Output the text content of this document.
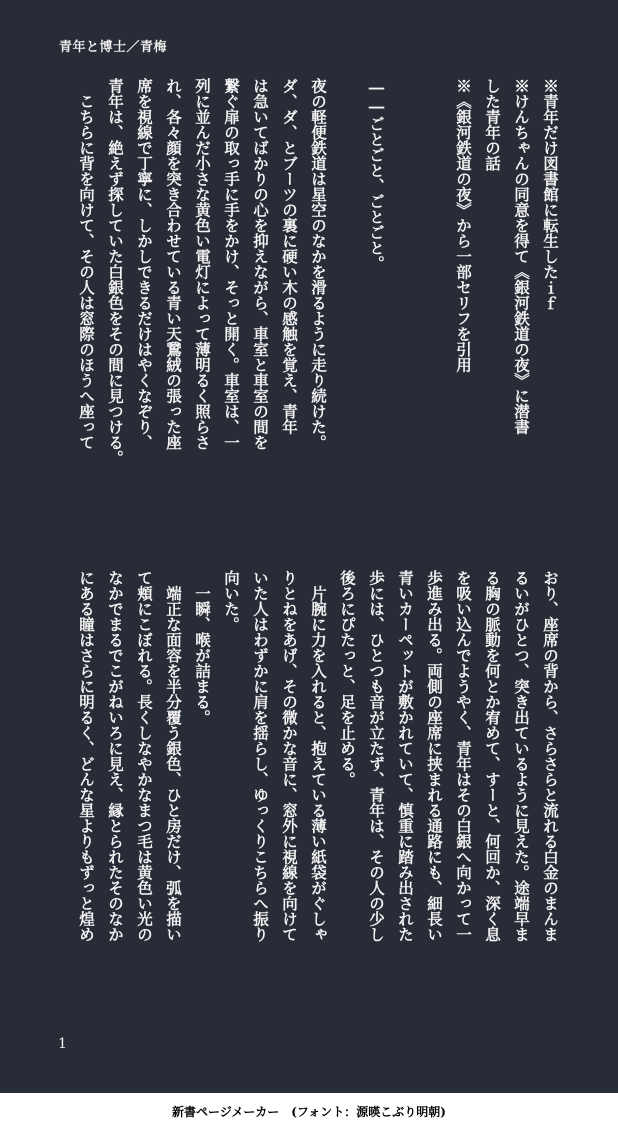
青年と博士／青梅
※青年だけ図書館に転生したｉｆ
※けんちゃんの同意を得て《銀河鉄道の夜》に潜書
した青年の話
※《銀河鉄道の夜》から一部セリフを引用
――ごとごと、ごとごと。
夜の軽便鉄道は星空のなかを滑るように走り続けた。
ダ、ダ、とブーツの裏に硬い木の感触を覚え、青年
は急いてばかりの心を抑えながら、車室と車室の間を
繋ぐ扉の取っ手に手をかけ、そっと開く。車室は、一
列に並んだ小さな黄色い電灯によって薄明るく照らさ
れ、各々顔を突き合わせている青い天鵞絨の張った座
席を視線で丁寧に、しかしできるだけはやくなぞり、
青年は、絶えず探していた白銀色をその間に見つける。
　こちらに背を向けて、その人は窓際のほうへ座って
おり、座席の背から、さらさらと流れる白金のまんま
るいがひとつ、突き出ているように見えた。途端早ま
る胸の脈動を何とか宥めて、すーと、何回か、深く息
を吸い込んでようやく、青年はその白銀へ向かって一
歩進み出る。両側の座席に挟まれる通路にも、細長い
青いカーペットが敷かれていて、慎重に踏み出された
歩には、ひとつも音が立たず、青年は、その人の少し
後ろにぴたっと、足を止める。
　片腕に力を入れると、抱えている薄い紙袋がぐしゃ
りとねをあげ、その微かな音に、窓外に視線を向けて
いた人はわずかに肩を揺らし、ゆっくりこちらへ振り
向いた。
　一瞬、喉が詰まる。
　端正な面容を半分覆う銀色、ひと房だけ、弧を描い
て頬にこぼれる。長くしなやかなまつ毛は黄色い光の
なかでまるでこがねいろに見え、縁とられたそのなか
にある瞳はさらに明るく、どんな星よりもずっと煌め
1
新書ページメーカー　(フォント：源暎こぶり明朝)
